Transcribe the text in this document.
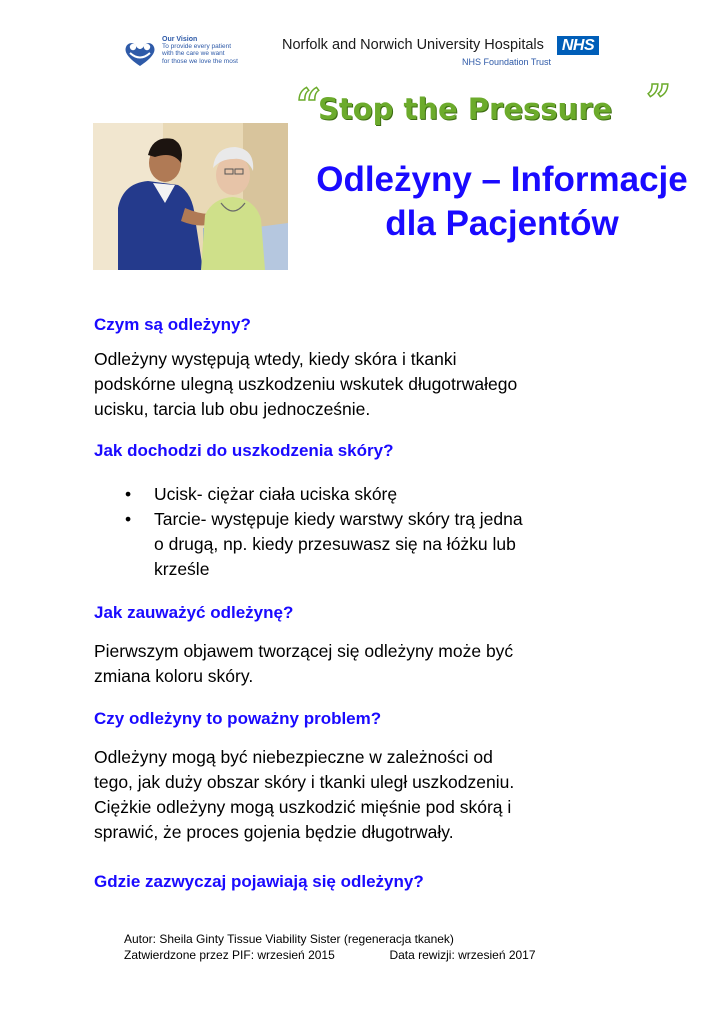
Our Vision
To provide every patient
with the care we want
for those we love the most
Norfolk and Norwich University Hospitals	NHS
NHS Foundation Trust
“
Stop the Pressure ”
Odleżyny – Informacje
dla Pacjentów
Czym są odleżyny?
Odleżyny występują wtedy, kiedy skóra i tkanki
podskórne ulegną uszkodzeniu wskutek długotrwałego
ucisku, tarcia lub obu jednocześnie.
Jak dochodzi do uszkodzenia skóry?
• Ucisk- ciężar ciała uciska skórę
• Tarcie- występuje kiedy warstwy skóry trą jedna
o drugą, np. kiedy przesuwasz się na łóżku lub
krześle
Jak zauważyć odleżynę?
Pierwszym objawem tworzącej się odleżyny może być
zmiana koloru skóry.
Czy odleżyny to poważny problem?
Odleżyny mogą być niebezpieczne w zależności od
tego, jak duży obszar skóry i tkanki uległ uszkodzeniu.
Ciężkie odleżyny mogą uszkodzić mięśnie pod skórą i
sprawić, że proces gojenia będzie długotrwały.
Gdzie zazwyczaj pojawiają się odleżyny?
Autor: Sheila Ginty Tissue Viability Sister (regeneracja tkanek)
Zatwierdzone przez PIF: wrzesień 2015	Data rewizji: wrzesień 2017
